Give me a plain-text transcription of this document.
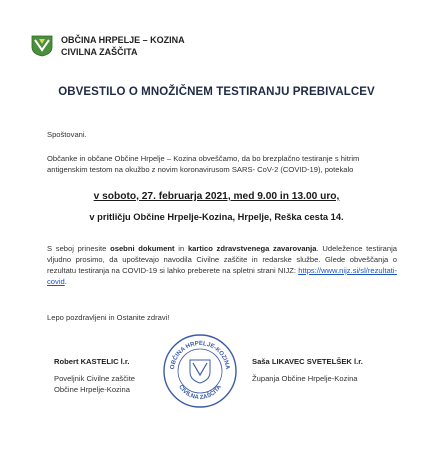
OBČINA HRPELJE – KOZINA
CIVILNA ZAŠČITA
OBVESTILO O MNOŽIČNEM TESTIRANJU PREBIVALCEV
Spoštovani.
Občanke in občane Občine Hrpelje – Kozina obveščamo, da bo brezplačno testiranje s hitrim antigenskim testom na okužbo z novim koronavirusom SARS- CoV-2 (COVID-19), potekalo
v soboto, 27. februarja 2021, med 9.00 in 13.00 uro,
v pritličju Občine Hrpelje-Kozina, Hrpelje, Reška cesta 14.
S seboj prinesite osebni dokument in kartico zdravstvenega zavarovanja. Udeležence testiranja vljudno prosimo, da upoštevajo navodila Civilne zaščite in redarske službe. Glede obveščanja o rezultatu testiranja na COVID-19 si lahko preberete na spletni strani NIJZ: https://www.nijz.si/sl/rezultati-covid.
Lepo pozdravljeni in Ostanite zdravi!
Robert KASTELIC l.r.
Poveljnik Civilne zaščite
Občine Hrpelje-Kozina
OBČINA HRPELJE-KOZINA
CIVILNA ZAŠČITA
Saša LIKAVEC SVETELŠEK l.r.
Županja Občine Hrpelje-Kozina
